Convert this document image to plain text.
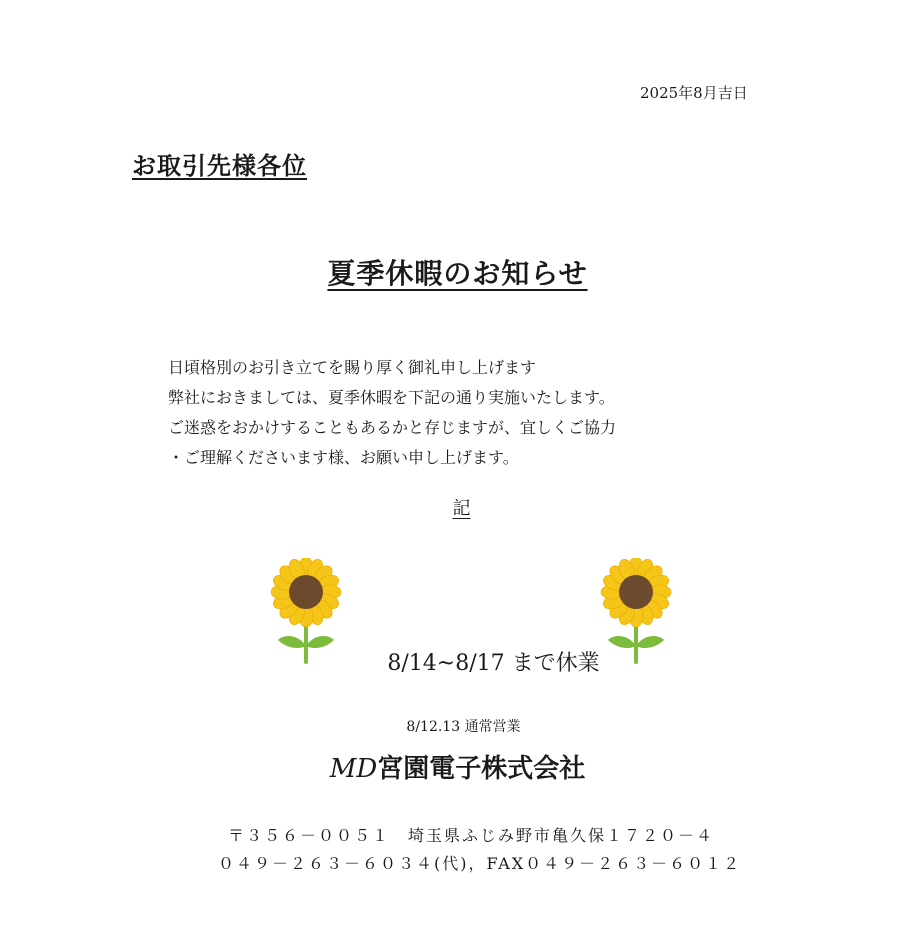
2025年8月吉日
お取引先様各位
夏季休暇のお知らせ
日頃格別のお引き立てを賜り厚く御礼申し上げます
弊社におきましては、夏季休暇を下記の通り実施いたします。
ご迷惑をおかけすることもあるかと存じますが、宜しくご協力
・ご理解くださいます様、お願い申し上げます。
記
8/14~8/17 まで休業
8/12.13 通常営業
MD宮園電子株式会社
〒３５６－００５１　埼玉県ふじみ野市亀久保１７２０－４
０４９－２６３－６０３４(代)，FAX０４９－２６３－６０１２
